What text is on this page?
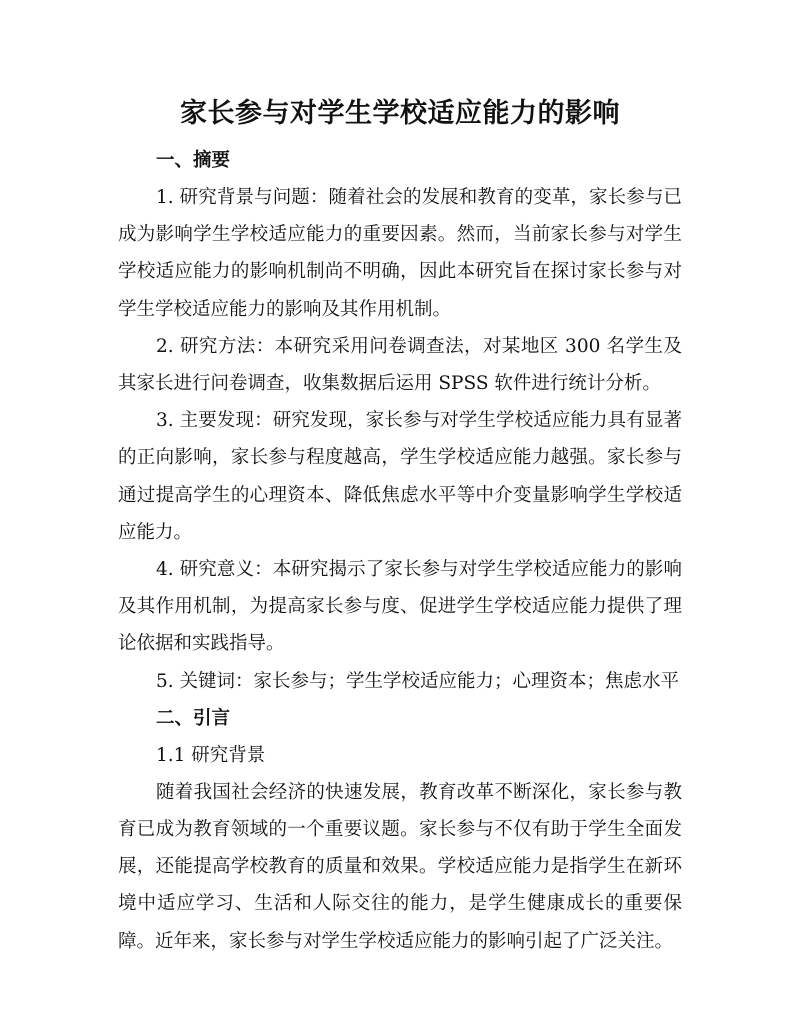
家长参与对学生学校适应能力的影响
一、摘要

1. 研究背景与问题：随着社会的发展和教育的变革，家长参与已成为影响学生学校适应能力的重要因素。然而，当前家长参与对学生学校适应能力的影响机制尚不明确，因此本研究旨在探讨家长参与对学生学校适应能力的影响及其作用机制。

2. 研究方法：本研究采用问卷调查法，对某地区 300 名学生及其家长进行问卷调查，收集数据后运用 SPSS 软件进行统计分析。

3. 主要发现：研究发现，家长参与对学生学校适应能力具有显著的正向影响，家长参与程度越高，学生学校适应能力越强。家长参与通过提高学生的心理资本、降低焦虑水平等中介变量影响学生学校适应能力。

4. 研究意义：本研究揭示了家长参与对学生学校适应能力的影响及其作用机制，为提高家长参与度、促进学生学校适应能力提供了理论依据和实践指导。

5. 关键词：家长参与；学生学校适应能力；心理资本；焦虑水平

二、引言

1.1 研究背景

随着我国社会经济的快速发展，教育改革不断深化，家长参与教育已成为教育领域的一个重要议题。家长参与不仅有助于学生全面发展，还能提高学校教育的质量和效果。学校适应能力是指学生在新环境中适应学习、生活和人际交往的能力，是学生健康成长的重要保障。近年来，家长参与对学生学校适应能力的影响引起了广泛关注。
